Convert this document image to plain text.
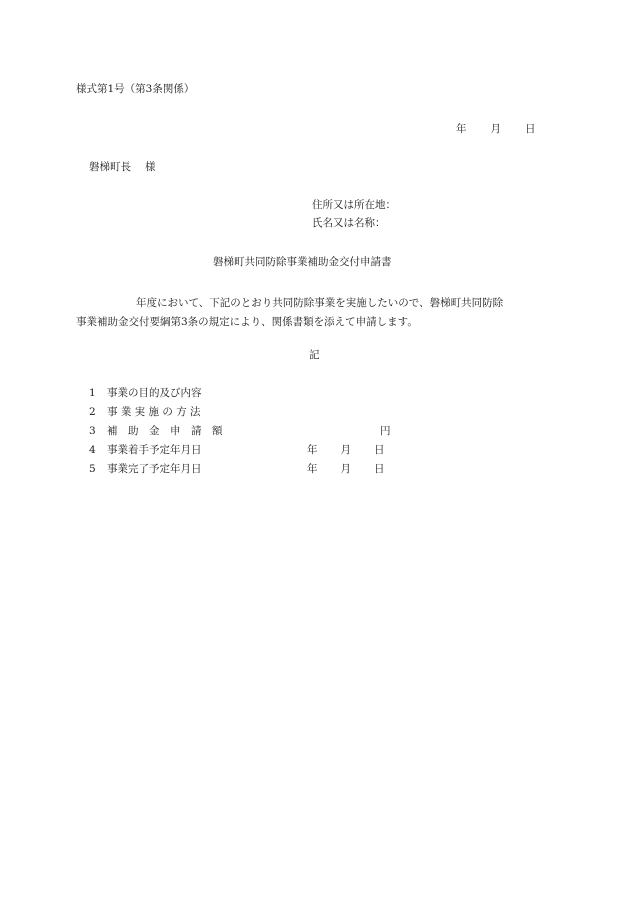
様式第1号（第3条関係）
年 月 日
磐梯町長 様
住所又は所在地：
氏名又は名称：
磐梯町共同防除事業補助金交付申請書
年度において、下記のとおり共同防除事業を実施したいので、磐梯町共同防除
事業補助金交付要綱第3条の規定により、関係書類を添えて申請します。
記
1 事業の目的及び内容
2 事 業 実 施 の 方 法
3 補　助　金　申　請　額	円
4 事業着手予定年月日	年 月 日
5 事業完了予定年月日	年 月 日
